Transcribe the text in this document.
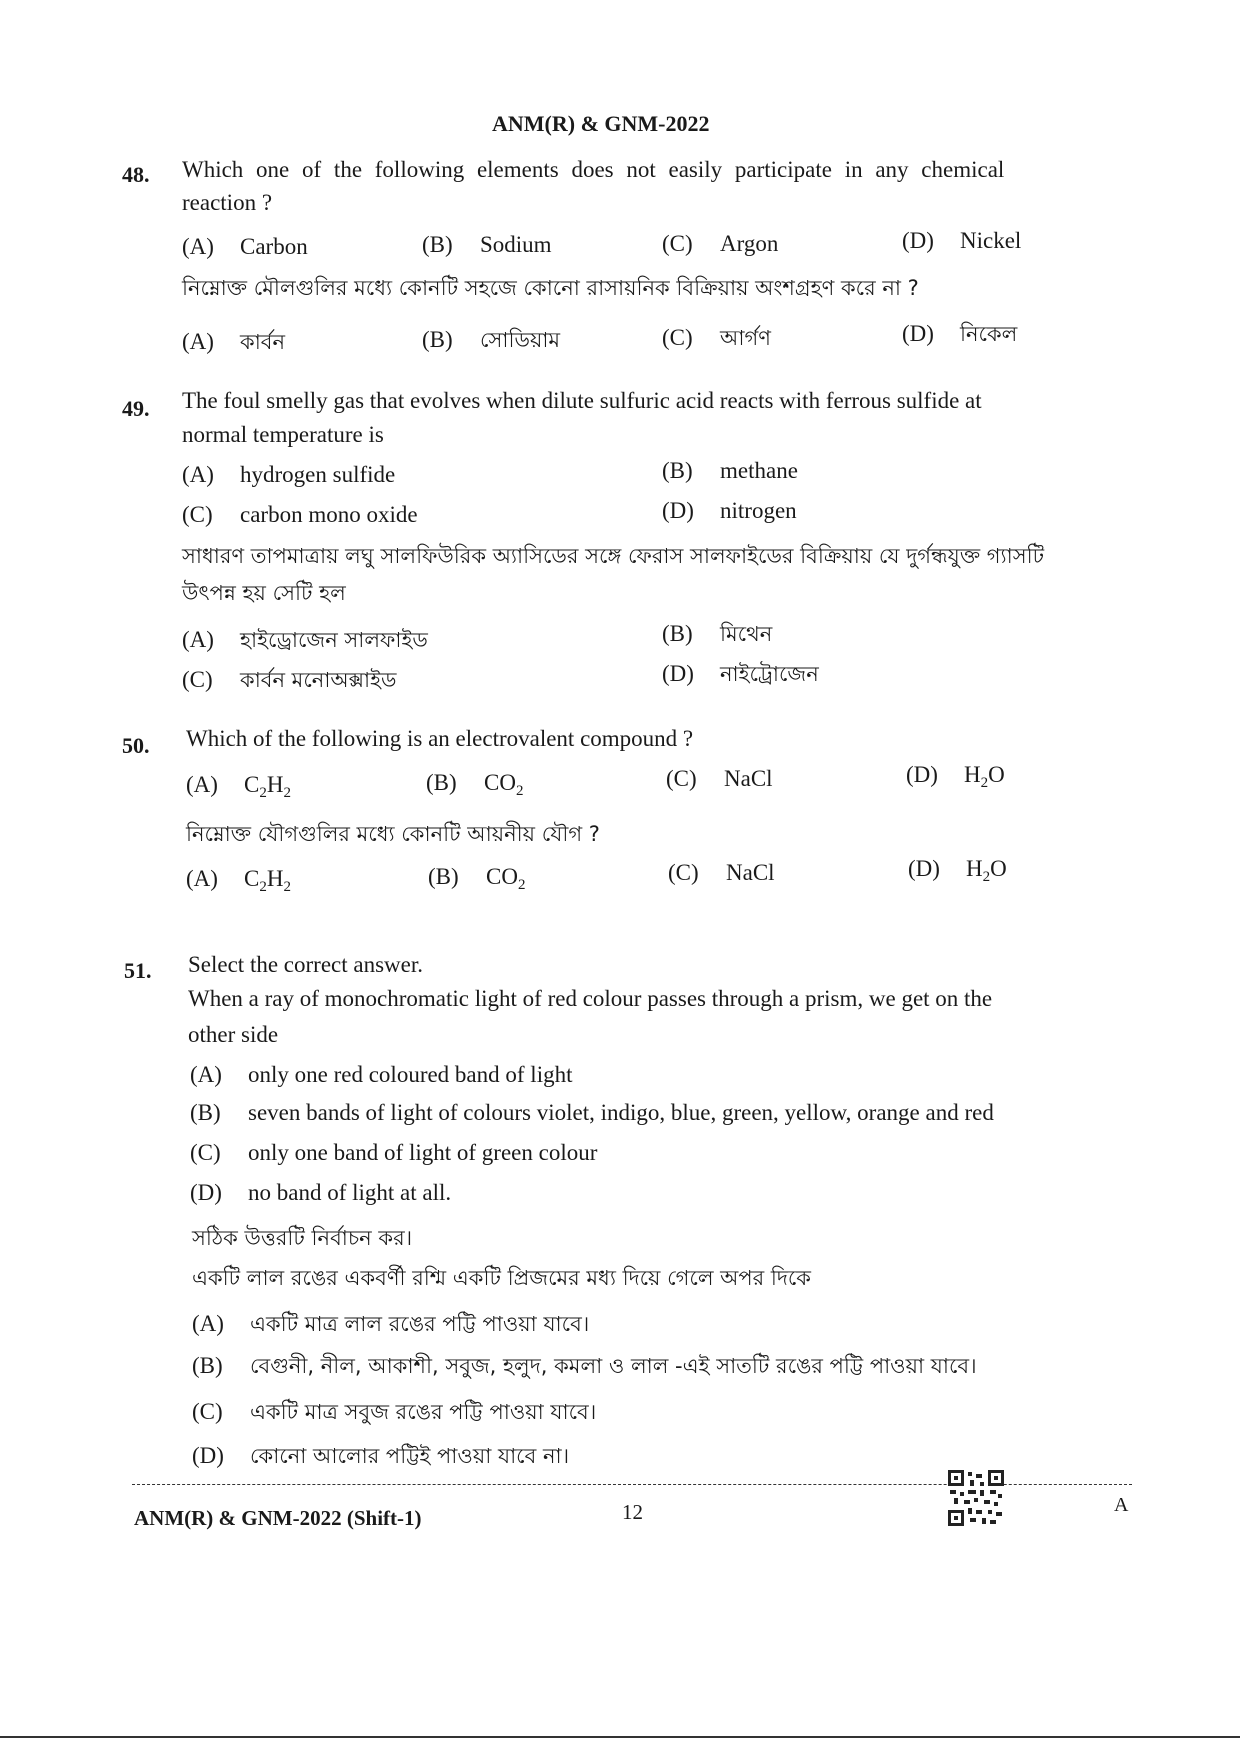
ANM(R) & GNM-2022
48. Which one of the following elements does not easily participate in any chemical
reaction ?
(A) Carbon	(B) Sodium	(C) Argon	(D) Nickel
নিম্নোক্ত মৌলগুলির মধ্যে কোনটি সহজে কোনো রাসায়নিক বিক্রিয়ায় অংশগ্রহণ করে না ?
(A) কার্বন	(B) সোডিয়াম	(C) আর্গণ	(D) নিকেল
49. The foul smelly gas that evolves when dilute sulfuric acid reacts with ferrous sulfide at
normal temperature is
(A) hydrogen sulfide	(B) methane
(C) carbon mono oxide	(D) nitrogen
সাধারণ তাপমাত্রায় লঘু সালফিউরিক অ্যাসিডের সঙ্গে ফেরাস সালফাইডের বিক্রিয়ায় যে দুর্গন্ধযুক্ত গ্যাসটি
উৎপন্ন হয় সেটি হল
(A) হাইড্রোজেন সালফাইড	(B) মিথেন
(C) কার্বন মনোঅক্সাইড	(D) নাইট্রোজেন
50. Which of the following is an electrovalent compound ?
(A) $C_2H_2$	(B) $CO_2$	(C) NaCl	(D) $H_2O$
নিম্নোক্ত যৌগগুলির মধ্যে কোনটি আয়নীয় যৌগ ?
(A) $C_2H_2$	(B) $CO_2$	(C) NaCl	(D) $H_2O$
51. Select the correct answer.
When a ray of monochromatic light of red colour passes through a prism, we get on the
other side
(A) only one red coloured band of light
(B) seven bands of light of colours violet, indigo, blue, green, yellow, orange and red
(C) only one band of light of green colour
(D) no band of light at all.
সঠিক উত্তরটি নির্বাচন কর।
একটি লাল রঙের একবর্ণী রশ্মি একটি প্রিজমের মধ্য দিয়ে গেলে অপর দিকে
(A) একটি মাত্র লাল রঙের পট্টি পাওয়া যাবে।
(B) বেগুনী, নীল, আকাশী, সবুজ, হলুদ, কমলা ও লাল -এই সাতটি রঙের পট্টি পাওয়া যাবে।
(C) একটি মাত্র সবুজ রঙের পট্টি পাওয়া যাবে।
(D) কোনো আলোর পট্টিই পাওয়া যাবে না।
ANM(R) & GNM-2022 (Shift-1)	12	A
